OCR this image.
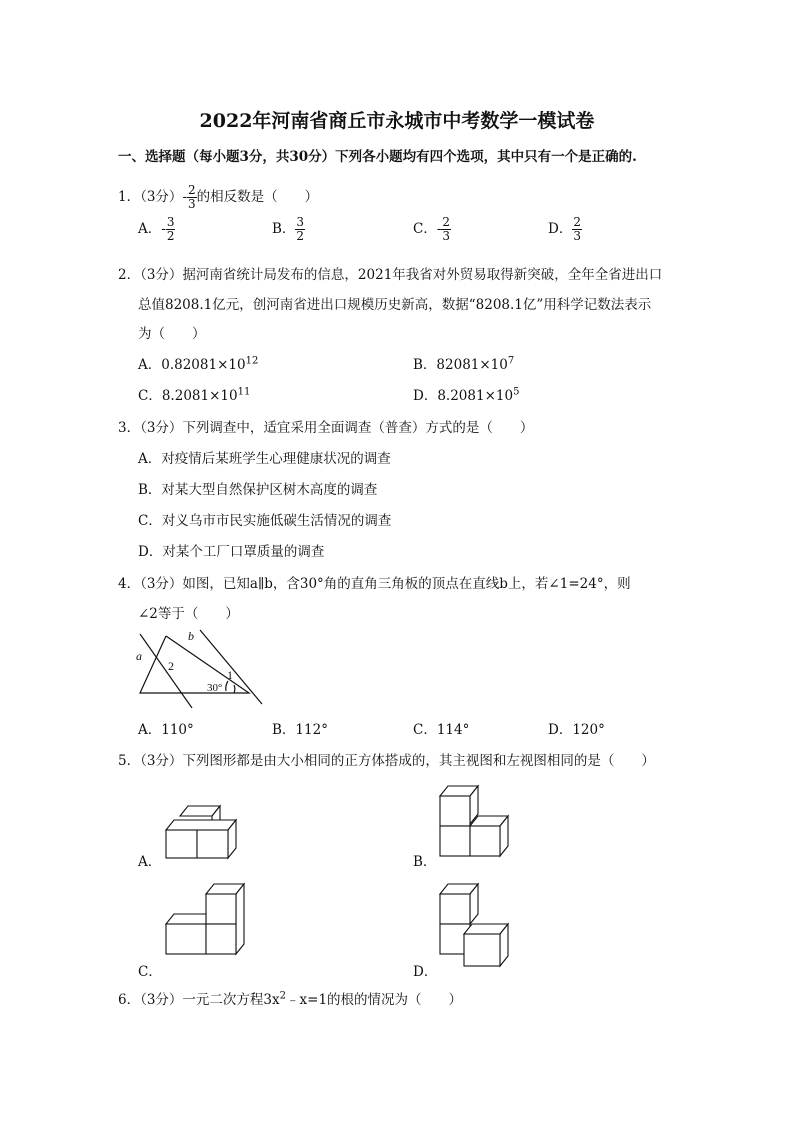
2022年河南省商丘市永城市中考数学一模试卷
一、选择题（每小题3分，共30分）下列各小题均有四个选项，其中只有一个是正确的.
1．（3分）- $\frac{2}{3}$ 的相反数是（　　）
A．- $\frac{3}{2}$	B． $\frac{3}{2}$	C．- $\frac{2}{3}$	D． $\frac{2}{3}$
2．（3分）据河南省统计局发布的信息，2021年我省对外贸易取得新突破，全年全省进出口
总值8208.1亿元，创河南省进出口规模历史新高，数据“8208.1亿”用科学记数法表示
为（　　）
A．$0.82081\times 10^{12}$	B．$82081\times 10^7$
C．$8.2081\times 10^{11}$	D．$8.2081\times 10^5$
3．（3分）下列调查中，适宜采用全面调查（普查）方式的是（　　）
A．对疫情后某班学生心理健康状况的调查
B．对某大型自然保护区树木高度的调查
C．对义乌市市民实施低碳生活情况的调查
D．对某个工厂口罩质量的调查
4．（3分）如图，已知a∥b，含30°角的直角三角板的顶点在直线b上，若∠1=24°，则
∠2等于（　　）
a
b
2
1
30°
A．110°	B．112°	C．114°	D．120°
5．（3分）下列图形都是由大小相同的正方体搭成的，其主视图和左视图相同的是（　　）
A．	B．
C．	D．
6．（3分）一元二次方程$3x^2﹣x=1$的根的情况为（　　）
